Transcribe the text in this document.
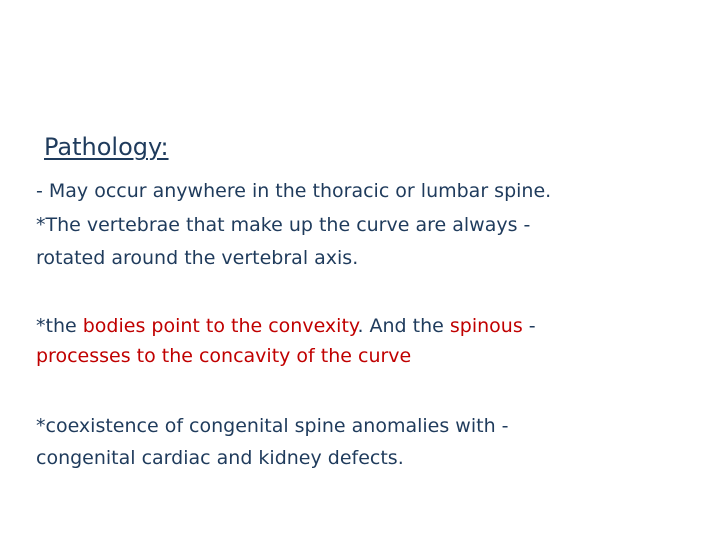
Pathology:
- May occur anywhere in the thoracic or lumbar spine.
*The vertebrae that make up the curve are always -
rotated around the vertebral axis.
*the bodies point to the convexity. And the spinous -
processes to the concavity of the curve
*coexistence of congenital spine anomalies with -
congenital cardiac and kidney defects.
